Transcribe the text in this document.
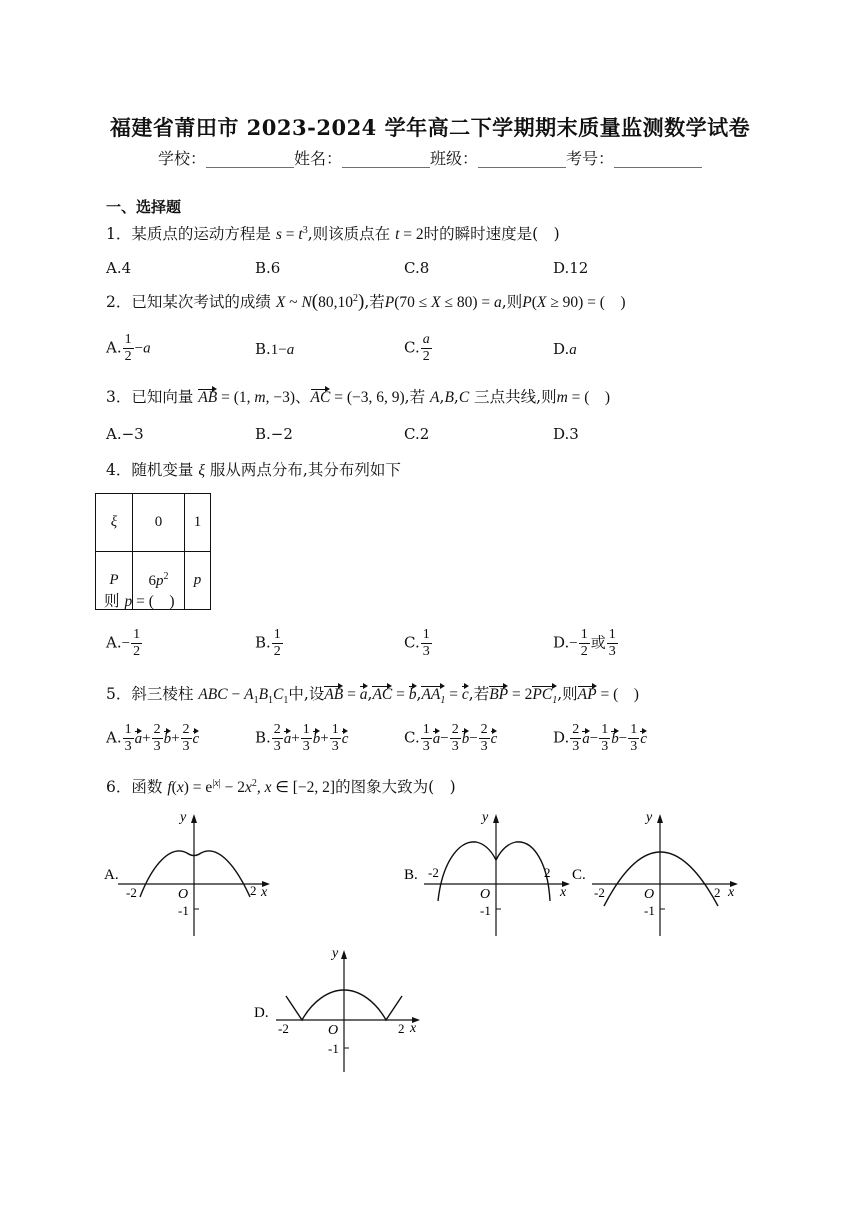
福建省莆田市 2023-2024 学年高二下学期期末质量监测数学试卷
学校：___________姓名：___________班级：___________考号：___________
一、选择题
1．某质点的运动方程是 $s = t^3$,则该质点在 t = 2时的瞬时速度是(　)
A.4	B.6	C.8	D.12
2．已知某次考试的成绩 X ~ N(80,10$^2$),若P(70 ≤ X ≤ 80) = a,则P(X ≥ 90) = (　)
A. $\frac{1}{2} -a$	B.1−a	C. $\frac{a}{2}$	D.a
3．已知向量 AB = (1, m, −3)、AC = (−3, 6, 9),若 A,B,C 三点共线,则m = (　)
A.−3	B.−2	C.2	D.3
4．随机变量 ξ 服从两点分布,其分布列如下
ξ	0	1
P	$6p^2$	p
则 p = (　)
$A.- \frac{1}{2}$	B. $\frac{1}{2}$	C. $\frac{1}{3}$	$D.- \frac{1}{2}$ 或 $\frac{1}{3}$
5．斜三棱柱 ABC − $A_1B_1C_1$中,设AB = $a,AC = b,AA_1 = c$,若BP = $2PC_1$,则AP = (　)
A. $\frac{1}{3} a+ \frac{2}{3} b+ \frac{2}{3}$ c	B. $\frac{2}{3} a+ \frac{1}{3} b+ \frac{1}{3}$ c	C. $\frac{1}{3} a- \frac{2}{3} b- \frac{2}{3}$ c	D. $\frac{2}{3} a- \frac{1}{3} b- \frac{1}{3}$ c
6．函数 $f(x) = e^{|x|} - 2x^2$, x ∈ [−2, 2]的图象大致为(　)
A.
-2	2 x
y
O
-1
B. -2	2
x
y
O
-1
C.
-2	2 x
y
O
-1
D.
-2	2 x
y
O
-1
